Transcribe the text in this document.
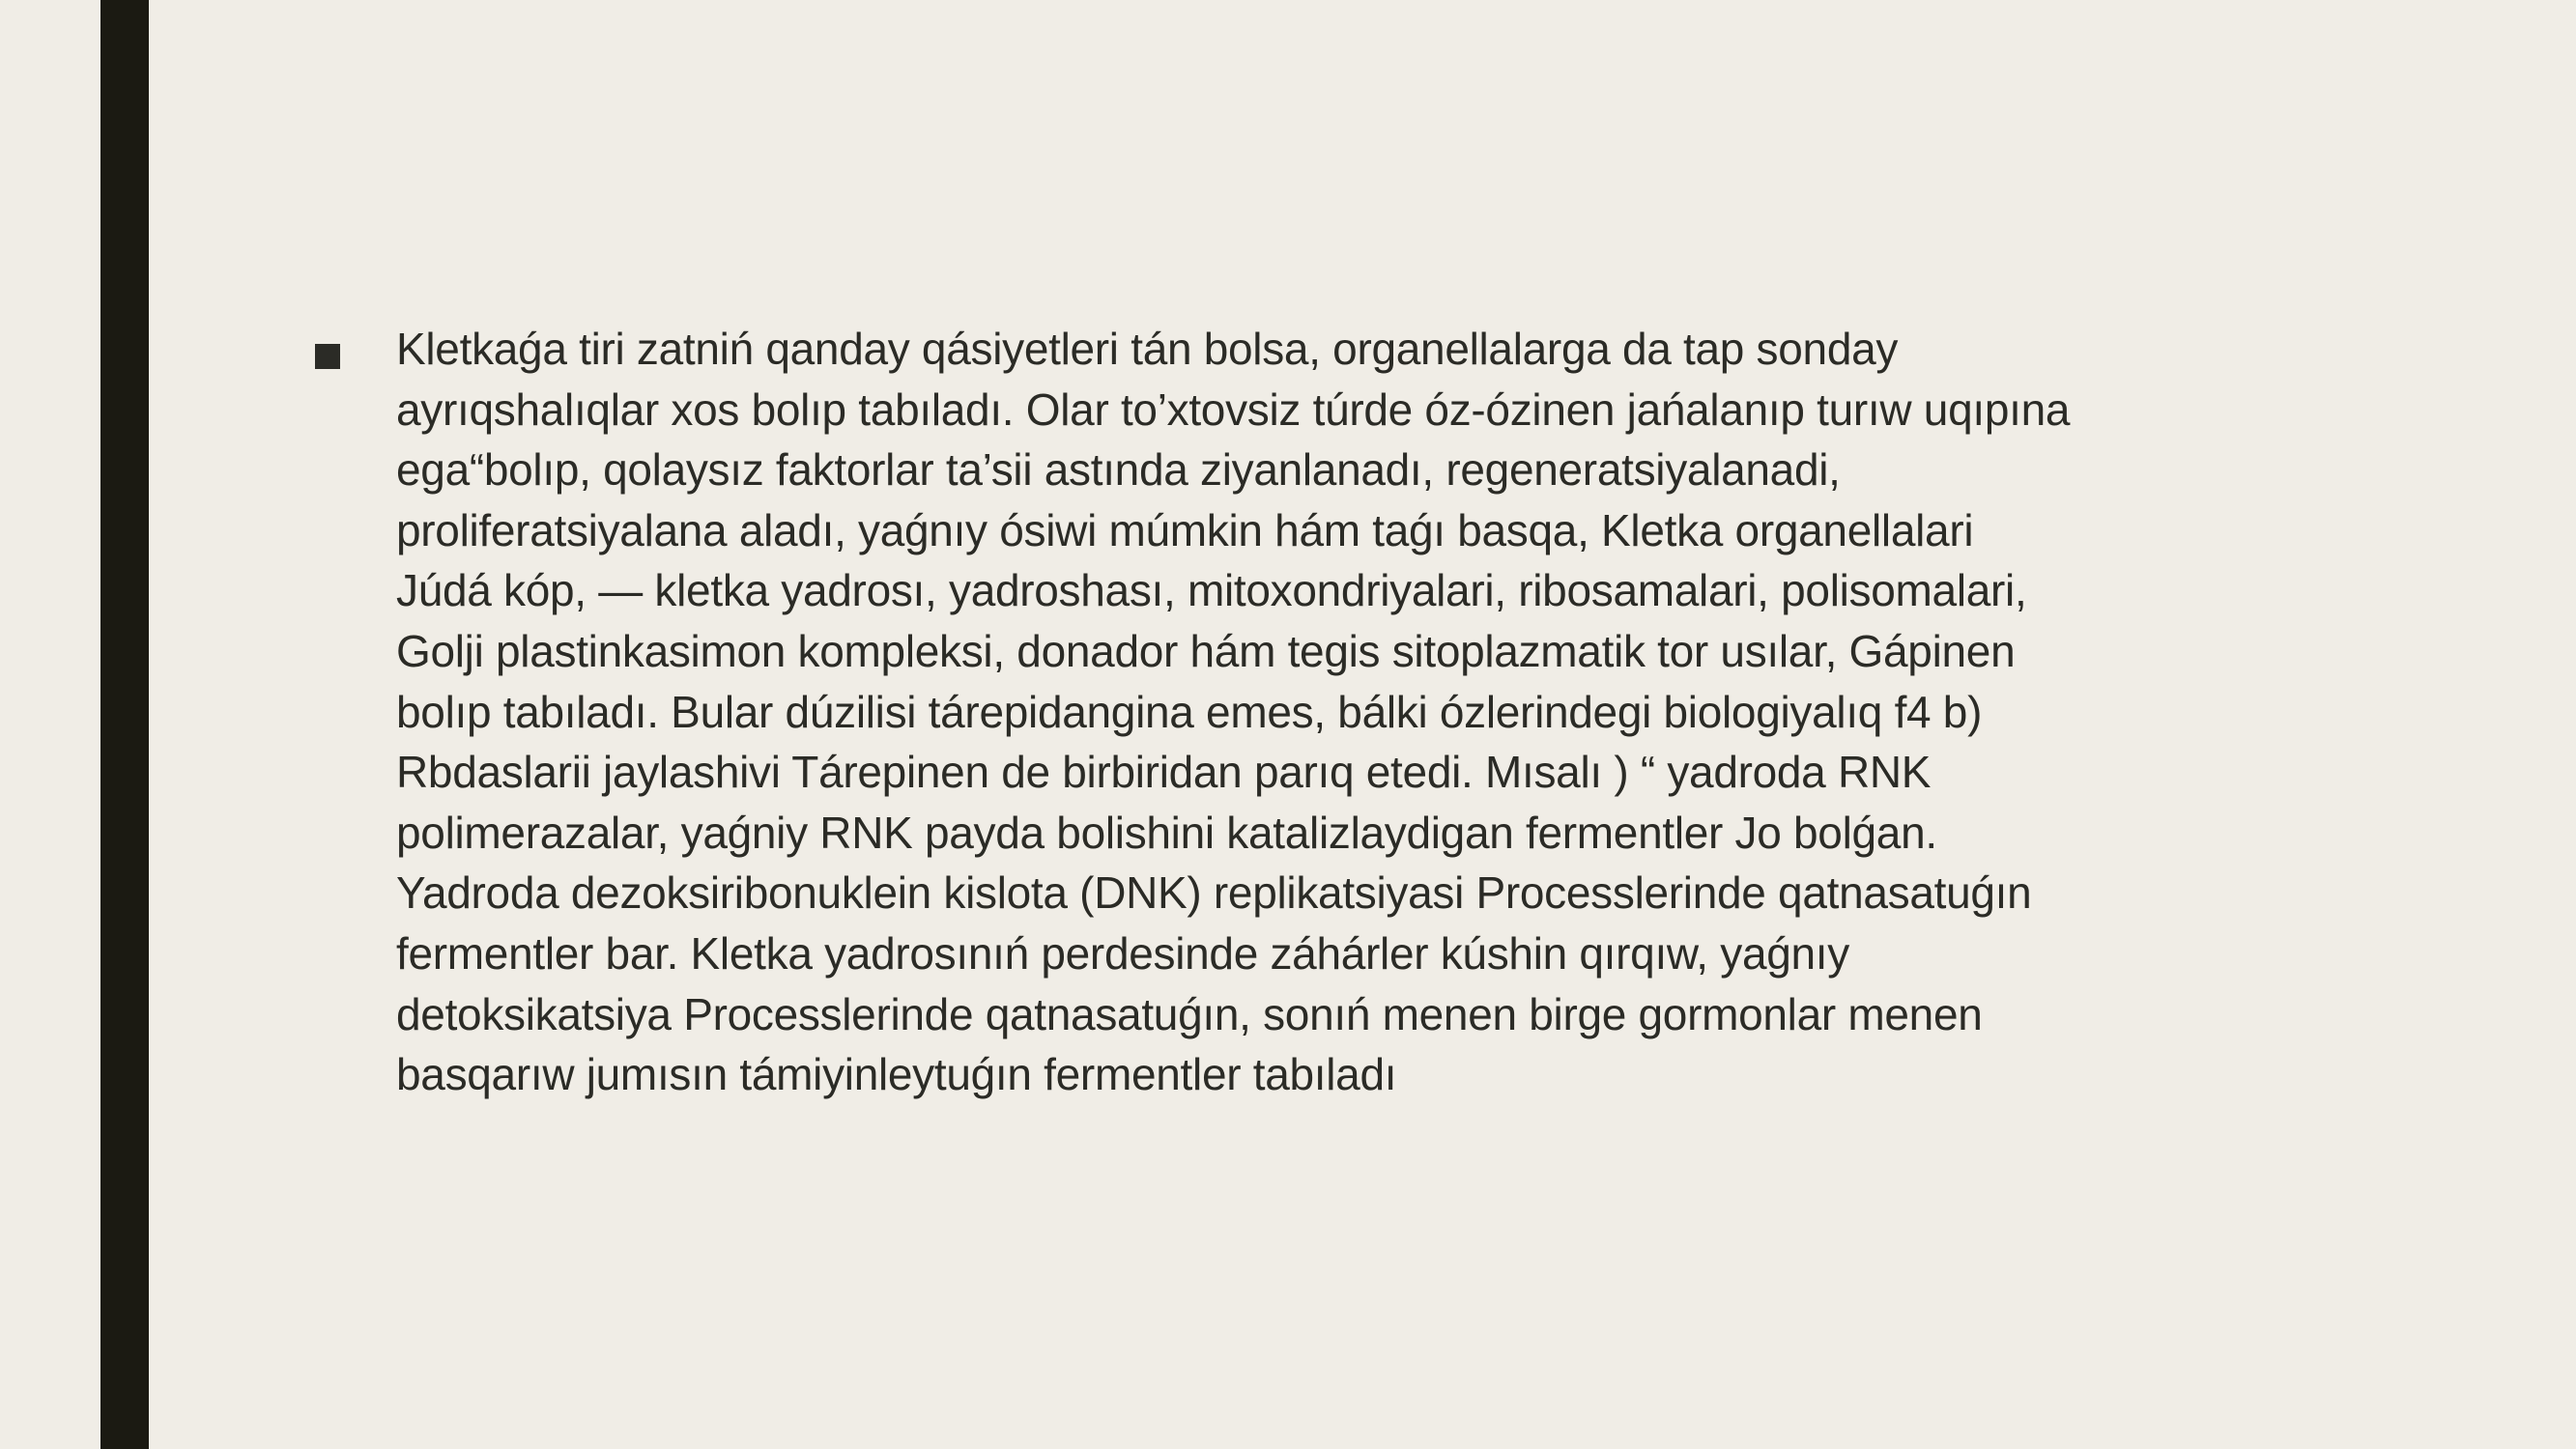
Kletkaǵa tiri zatniń qanday qásiyetleri tán bolsa, organellalarga da tap sonday
ayrıqshalıqlar xos bolıp tabıladı. Olar to’xtovsiz túrde óz-ózinen jańalanıp turıw uqıpına
ega“bolıp, qolaysız faktorlar ta’sii astında ziyanlanadı, regeneratsiyalanadi,
proliferatsiyalana aladı, yaǵnıy ósiwi múmkin hám taǵı basqa, Kletka organellalari
Júdá kóp, — kletka yadrosı, yadroshası, mitoxondriyalari, ribosamalari, polisomalari,
Golji plastinkasimon kompleksi, donador hám tegis sitoplazmatik tor usılar, Gápinen
bolıp tabıladı. Bular dúzilisi tárepidangina emes, bálki ózlerindegi biologiyalıq f4 b)
Rbdaslarii jaylashivi Tárepinen de birbiridan parıq etedi. Mısalı ) “ yadroda RNK
polimerazalar, yaǵniy RNK payda bolishini katalizlaydigan fermentler Jo bolǵan.
Yadroda dezoksiribonuklein kislota (DNK) replikatsiyasi Processlerinde qatnasatuǵın
fermentler bar. Kletka yadrosınıń perdesinde záhárler kúshin qırqıw, yaǵnıy
detoksikatsiya Processlerinde qatnasatuǵın, sonıń menen birge gormonlar menen
basqarıw jumısın támiyinleytuǵın fermentler tabıladı
